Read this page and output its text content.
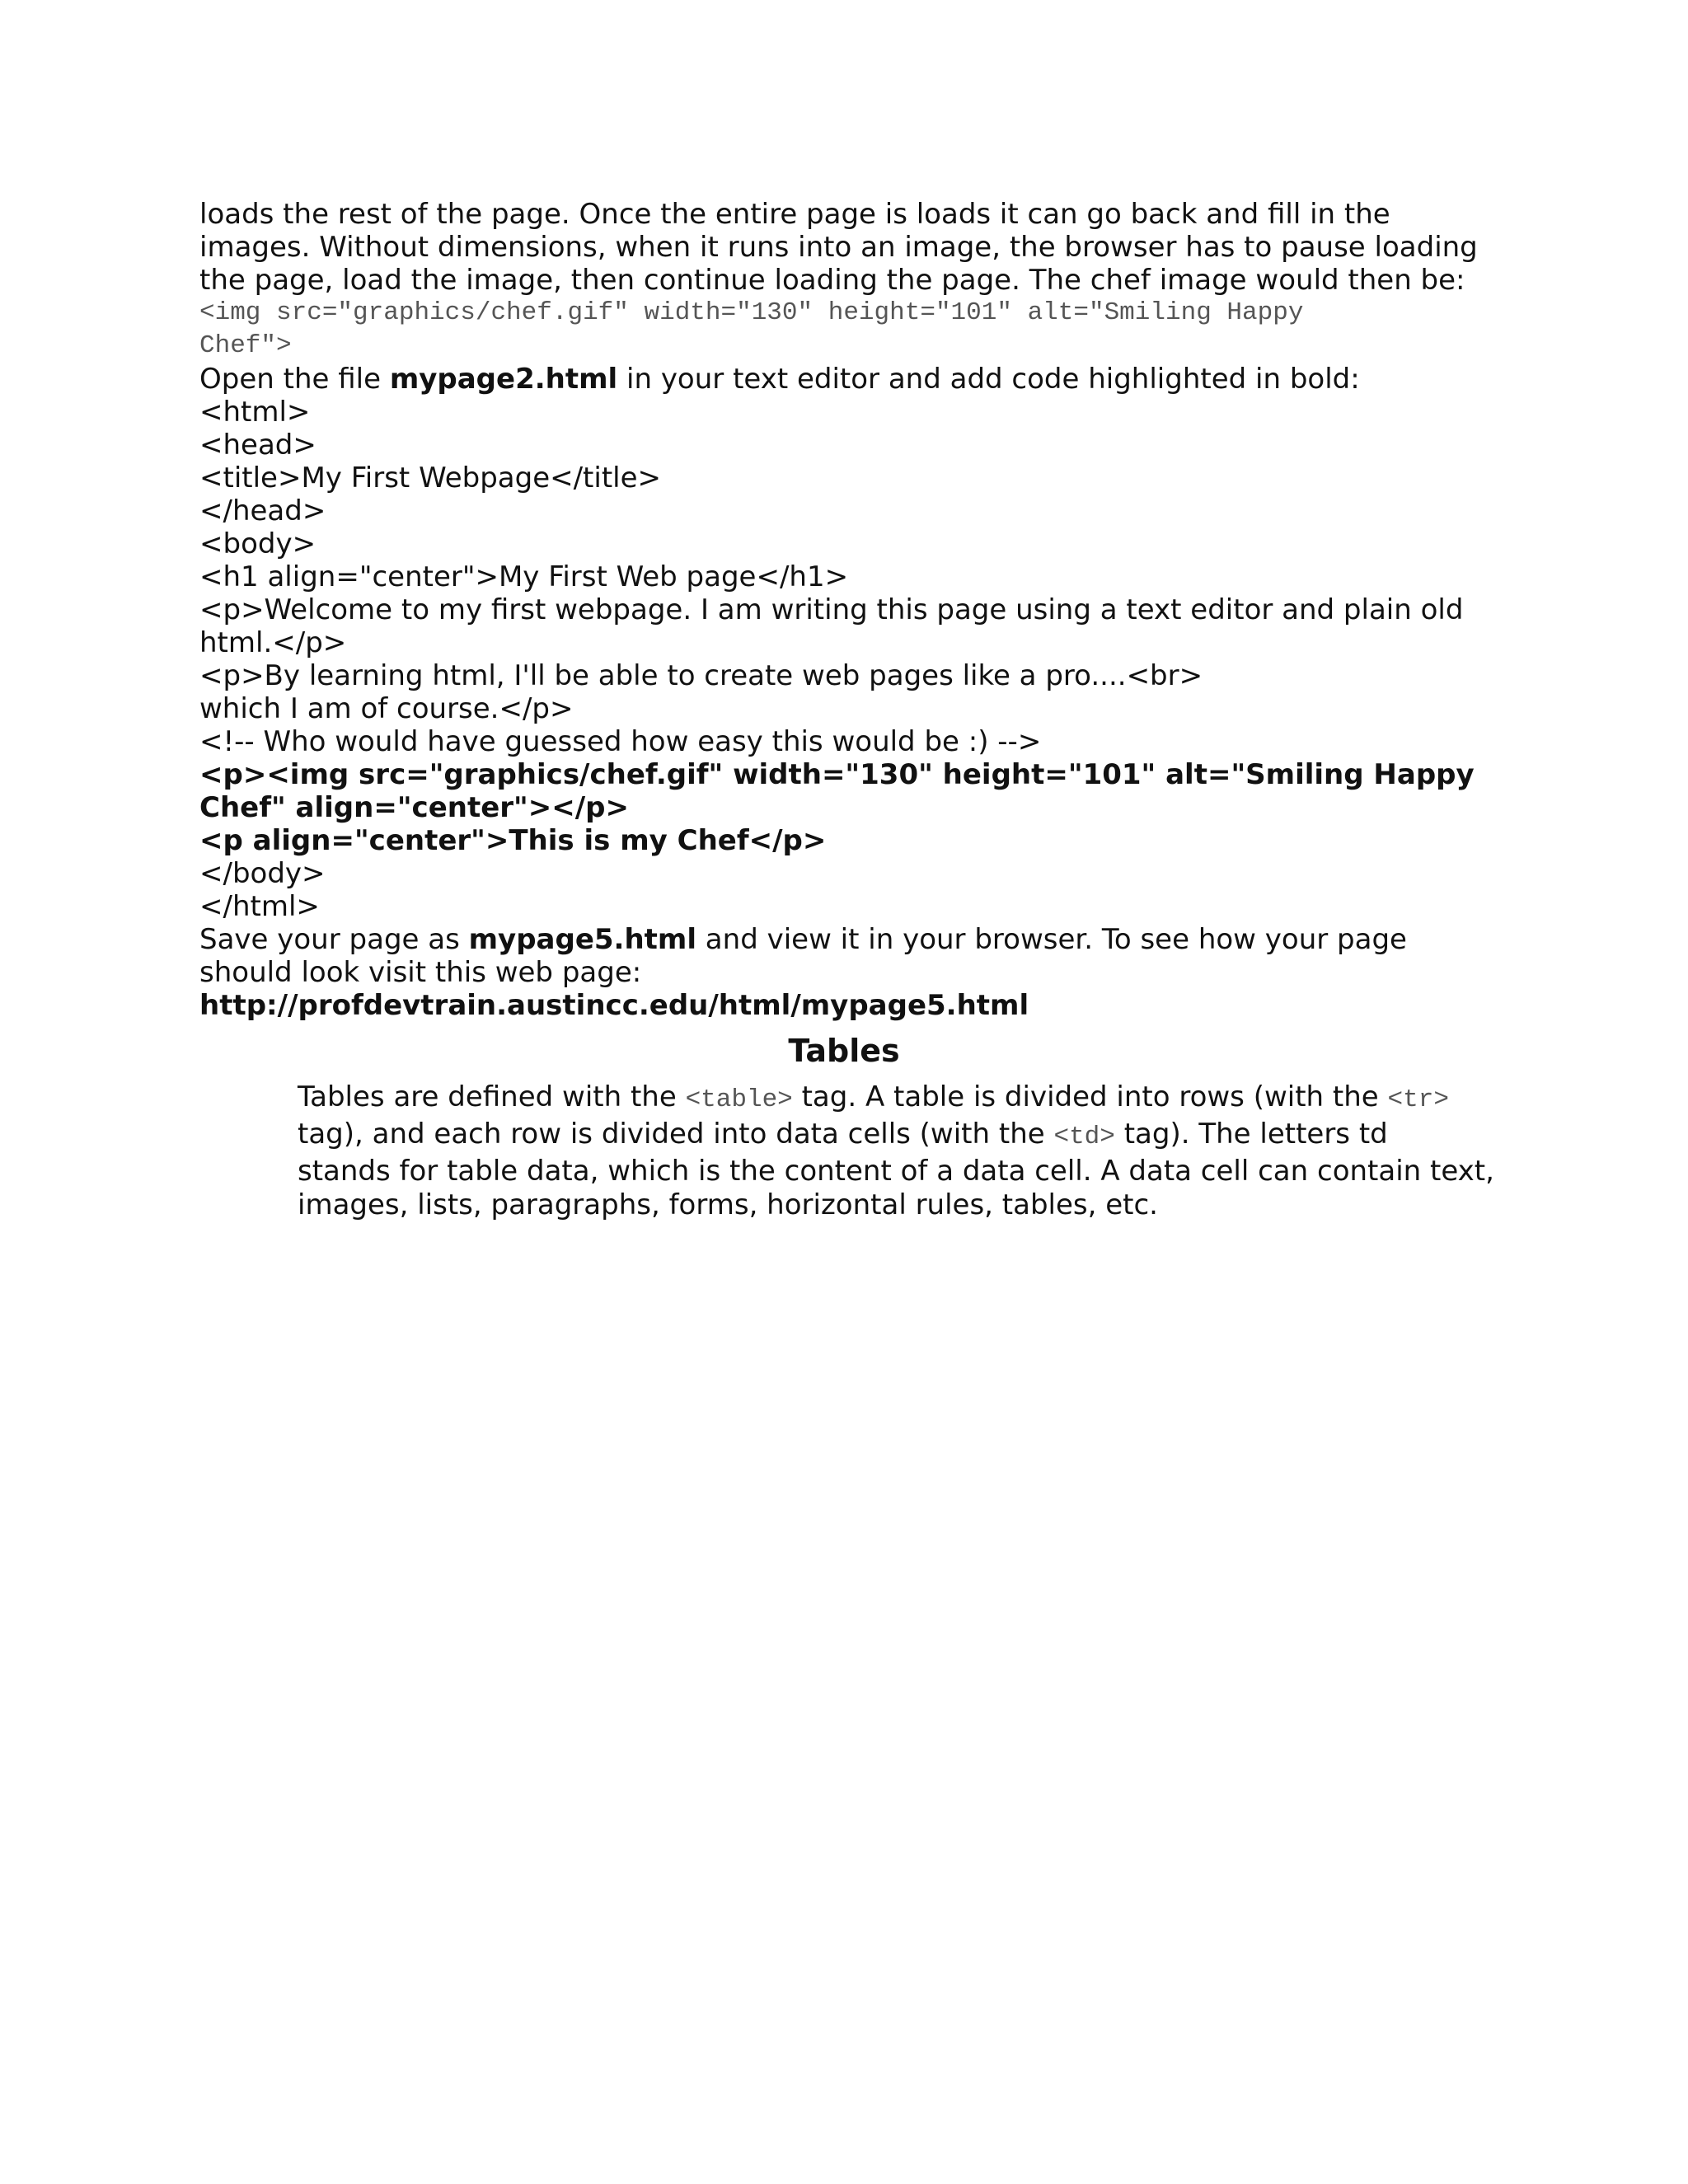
loads the rest of the page. Once the entire page is loads it can go back and fill in the
images. Without dimensions, when it runs into an image, the browser has to pause loading
the page, load the image, then continue loading the page. The chef image would then be:
<img src="graphics/chef.gif" width="130" height="101" alt="Smiling Happy
Chef">
Open the file mypage2.html in your text editor and add code highlighted in bold:
<html>
<head>
<title>My First Webpage</title>
</head>
<body>
<h1 align="center">My First Web page</h1>
<p>Welcome to my first webpage. I am writing this page using a text editor and plain old
html.</p>
<p>By learning html, I'll be able to create web pages like a pro....<br>
which I am of course.</p>
<!-- Who would have guessed how easy this would be :) -->
<p><img src="graphics/chef.gif" width="130" height="101" alt="Smiling Happy
Chef" align="center"></p>
<p align="center">This is my Chef</p>
</body>
</html>
Save your page as mypage5.html and view it in your browser. To see how your page
should look visit this web page:
http://profdevtrain.austincc.edu/html/mypage5.html
Tables
Tables are defined with the <table> tag. A table is divided into rows (with the <tr>
tag), and each row is divided into data cells (with the <td> tag). The letters td
stands for table data, which is the content of a data cell. A data cell can contain text,
images, lists, paragraphs, forms, horizontal rules, tables, etc.
